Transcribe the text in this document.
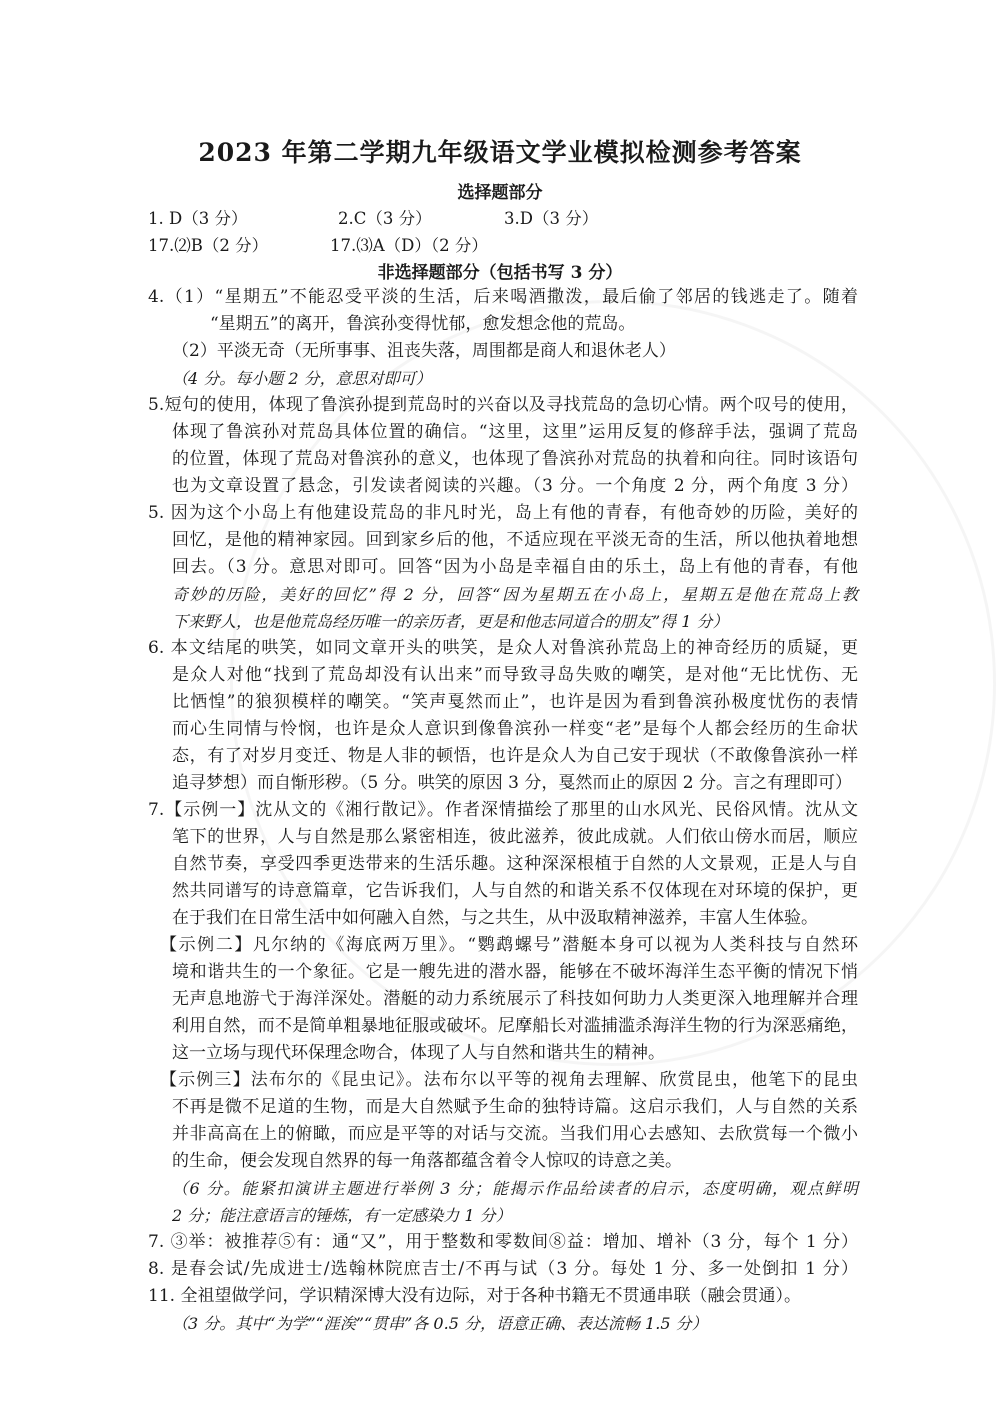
2023 年第二学期九年级语文学业模拟检测参考答案
选择题部分
1. D（3 分）	2.C（3 分）	3.D（3 分）
17.⑵B（2 分）	17.⑶A（D）（2 分）
非选择题部分（包括书写 3 分）
4.（1）“星期五”不能忍受平淡的生活，后来喝酒撒泼，最后偷了邻居的钱逃走了。随着
“星期五”的离开，鲁滨孙变得忧郁，愈发想念他的荒岛。
（2）平淡无奇（无所事事、沮丧失落，周围都是商人和退休老人）
（4 分。每小题 2 分，意思对即可）
5.短句的使用，体现了鲁滨孙提到荒岛时的兴奋以及寻找荒岛的急切心情。两个叹号的使用，
体现了鲁滨孙对荒岛具体位置的确信。“这里，这里”运用反复的修辞手法，强调了荒岛
的位置，体现了荒岛对鲁滨孙的意义，也体现了鲁滨孙对荒岛的执着和向往。同时该语句
也为文章设置了悬念，引发读者阅读的兴趣。（3 分。一个角度 2 分，两个角度 3 分）
5. 因为这个小岛上有他建设荒岛的非凡时光，岛上有他的青春，有他奇妙的历险，美好的
回忆，是他的精神家园。回到家乡后的他，不适应现在平淡无奇的生活，所以他执着地想
回去。（3 分。意思对即可。回答“因为小岛是幸福自由的乐土，岛上有他的青春，有他
奇妙的历险，美好的回忆”得 2 分，回答“因为星期五在小岛上，星期五是他在荒岛上教
下来野人，也是他荒岛经历唯一的亲历者，更是和他志同道合的朋友”得 1 分）
6. 本文结尾的哄笑，如同文章开头的哄笑，是众人对鲁滨孙荒岛上的神奇经历的质疑，更
是众人对他“找到了荒岛却没有认出来”而导致寻岛失败的嘲笑，是对他“无比忧伤、无
比恓惶”的狼狈模样的嘲笑。“笑声戛然而止”，也许是因为看到鲁滨孙极度忧伤的表情
而心生同情与怜悯，也许是众人意识到像鲁滨孙一样变“老”是每个人都会经历的生命状
态，有了对岁月变迁、物是人非的顿悟，也许是众人为自己安于现状（不敢像鲁滨孙一样
追寻梦想）而自惭形秽。（5 分。哄笑的原因 3 分，戛然而止的原因 2 分。言之有理即可）
7.【示例一】沈从文的《湘行散记》。作者深情描绘了那里的山水风光、民俗风情。沈从文
笔下的世界，人与自然是那么紧密相连，彼此滋养，彼此成就。人们依山傍水而居，顺应
自然节奏，享受四季更迭带来的生活乐趣。这种深深根植于自然的人文景观，正是人与自
然共同谱写的诗意篇章，它告诉我们，人与自然的和谐关系不仅体现在对环境的保护，更
在于我们在日常生活中如何融入自然，与之共生，从中汲取精神滋养，丰富人生体验。
【示例二】凡尔纳的《海底两万里》。“鹦鹉螺号”潜艇本身可以视为人类科技与自然环
境和谐共生的一个象征。它是一艘先进的潜水器，能够在不破坏海洋生态平衡的情况下悄
无声息地游弋于海洋深处。潜艇的动力系统展示了科技如何助力人类更深入地理解并合理
利用自然，而不是简单粗暴地征服或破坏。尼摩船长对滥捕滥杀海洋生物的行为深恶痛绝，
这一立场与现代环保理念吻合，体现了人与自然和谐共生的精神。
【示例三】法布尔的《昆虫记》。法布尔以平等的视角去理解、欣赏昆虫，他笔下的昆虫
不再是微不足道的生物，而是大自然赋予生命的独特诗篇。这启示我们，人与自然的关系
并非高高在上的俯瞰，而应是平等的对话与交流。当我们用心去感知、去欣赏每一个微小
的生命，便会发现自然界的每一角落都蕴含着令人惊叹的诗意之美。
（6 分。能紧扣演讲主题进行举例 3 分；能揭示作品给读者的启示，态度明确，观点鲜明
2 分；能注意语言的锤炼，有一定感染力 1 分）
7. ③举：被推荐⑤有：通“又”，用于整数和零数间⑧益：增加、增补（3 分，每个 1 分）
8. 是春会试/先成进士/选翰林院庶吉士/不再与试（3 分。每处 1 分、多一处倒扣 1 分）
11. 全祖望做学问，学识精深博大没有边际，对于各种书籍无不贯通串联（融会贯通）。
（3 分。其中“为学”“涯涘”“贯串”各 0.5 分，语意正确、表达流畅 1.5 分）
